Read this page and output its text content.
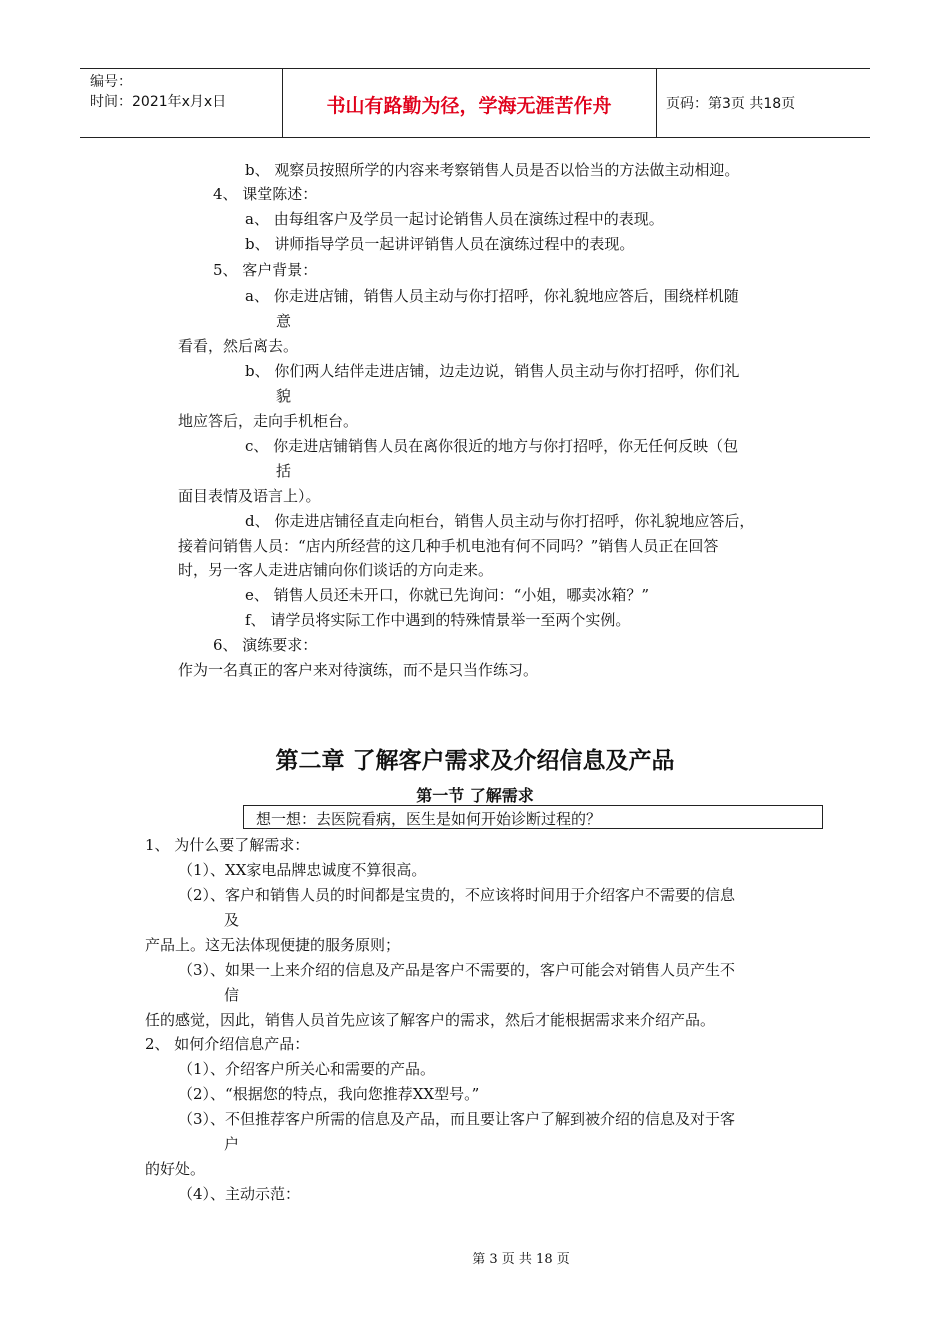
编号：
时间：2021年x月x日	书山有路勤为径，学海无涯苦作舟	页码：第3页 共18页
b、 观察员按照所学的内容来考察销售人员是否以恰当的方法做主动相迎。
4、 课堂陈述：
a、 由每组客户及学员一起讨论销售人员在演练过程中的表现。
b、 讲师指导学员一起讲评销售人员在演练过程中的表现。
5、 客户背景：
a、 你走进店铺，销售人员主动与你打招呼，你礼貌地应答后，围绕样机随
意
看看，然后离去。
b、 你们两人结伴走进店铺，边走边说，销售人员主动与你打招呼，你们礼
貌
地应答后，走向手机柜台。
c、 你走进店铺销售人员在离你很近的地方与你打招呼，你无任何反映（包
括
面目表情及语言上）。
d、 你走进店铺径直走向柜台，销售人员主动与你打招呼，你礼貌地应答后，
接着问销售人员：“店内所经营的这几种手机电池有何不同吗？”销售人员正在回答
时，另一客人走进店铺向你们谈话的方向走来。
e、 销售人员还未开口，你就已先询问：“小姐，哪卖冰箱？”
f、 请学员将实际工作中遇到的特殊情景举一至两个实例。
6、 演练要求：
作为一名真正的客户来对待演练，而不是只当作练习。
第二章 了解客户需求及介绍信息及产品
第一节 了解需求
想一想：去医院看病，医生是如何开始诊断过程的？
1、 为什么要了解需求：
（1）、XX家电品牌忠诚度不算很高。
（2）、客户和销售人员的时间都是宝贵的，不应该将时间用于介绍客户不需要的信息
及
产品上。这无法体现便捷的服务原则；
（3）、如果一上来介绍的信息及产品是客户不需要的，客户可能会对销售人员产生不
信
任的感觉，因此，销售人员首先应该了解客户的需求，然后才能根据需求来介绍产品。
2、 如何介绍信息产品：
（1）、介绍客户所关心和需要的产品。
（2）、“根据您的特点，我向您推荐XX型号。”
（3）、不但推荐客户所需的信息及产品，而且要让客户了解到被介绍的信息及对于客
户
的好处。
（4）、主动示范：
第 3 页 共 18 页
